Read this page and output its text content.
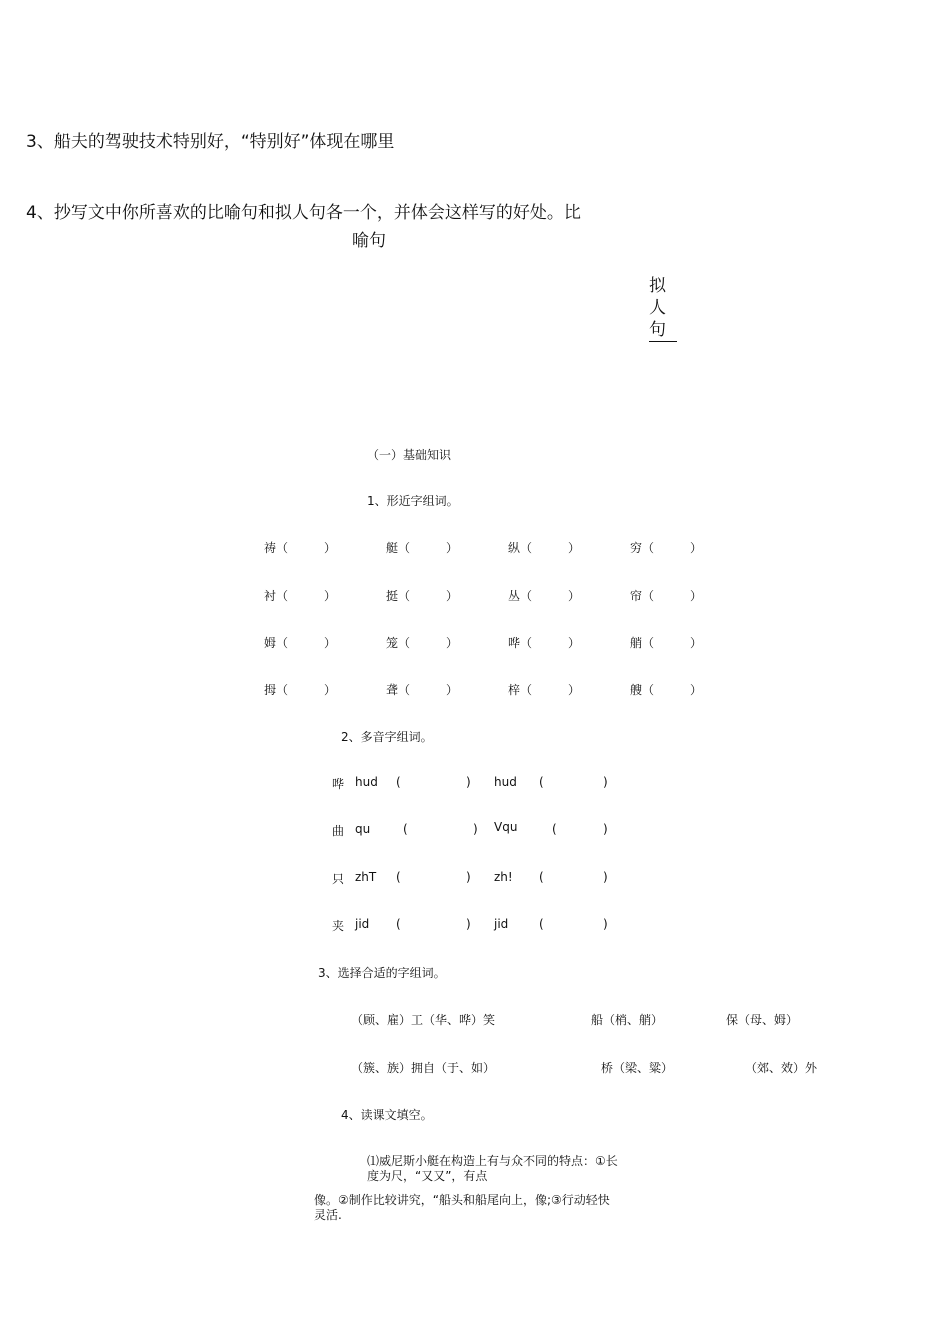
3、船夫的驾驶技术特别好，“特别好”体现在哪里
4、抄写文中你所喜欢的比喻句和拟人句各一个，并体会这样写的好处。比
喻句
拟
人
句
（一）基础知识
1、形近字组词。
祷（　　　）	艇（　　　）	纵（　　　）	穷（　　　）
衬（　　　）	挺（　　　）	丛（　　　）	帘（　　　）
姆（　　　）	笼（　　　）	哗（　　　）	艄（　　　）
拇（　　　）	聋（　　　）	梓（　　　）	艘（　　　）
2、多音字组词。
哗 hud (	) hud (	)
曲 qu	(	) Vqu	(	)
只 zhT (	) zh! (	)
夹 jid (	) jid	(	)
3、选择合适的字组词。
（顾、雇）工（华、哗）笑	船（梢、艄）	保（母、姆）
（簇、族）拥自（于、如）	桥（梁、粱）	（郊、效）外
4、读课文填空。
⑴威尼斯小艇在构造上有与众不同的特点：①长
度为尺，“又又”，有点
像。②制作比较讲究，“船头和船尾向上，像;③行动轻快
灵活.
